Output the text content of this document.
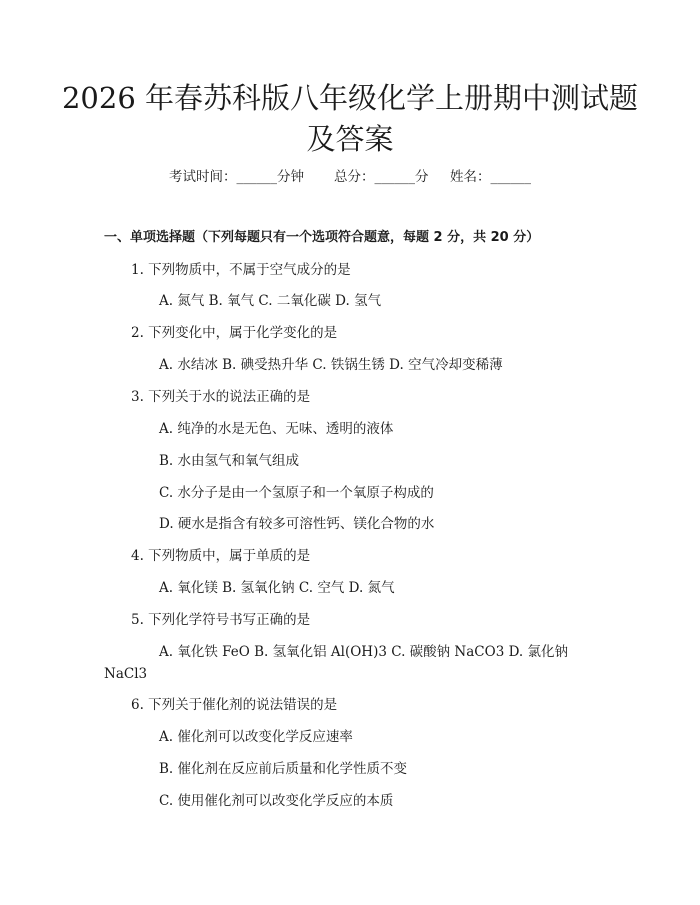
2026 年春苏科版八年级化学上册期中测试题
及答案
考试时间：______分钟 总分：______分 姓名：______
一、单项选择题（下列每题只有一个选项符合题意，每题 2 分，共 20 分）
1. 下列物质中，不属于空气成分的是
A. 氮气 B. 氧气 C. 二氧化碳 D. 氢气
2. 下列变化中，属于化学变化的是
A. 水结冰 B. 碘受热升华 C. 铁锅生锈 D. 空气冷却变稀薄
3. 下列关于水的说法正确的是
A. 纯净的水是无色、无味、透明的液体
B. 水由氢气和氧气组成
C. 水分子是由一个氢原子和一个氧原子构成的
D. 硬水是指含有较多可溶性钙、镁化合物的水
4. 下列物质中，属于单质的是
A. 氧化镁 B. 氢氧化钠 C. 空气 D. 氮气
5. 下列化学符号书写正确的是
A. 氧化铁 FeO B. 氢氧化铝 Al(OH)3 C. 碳酸钠 NaCO3 D. 氯化钠
NaCl3
6. 下列关于催化剂的说法错误的是
A. 催化剂可以改变化学反应速率
B. 催化剂在反应前后质量和化学性质不变
C. 使用催化剂可以改变化学反应的本质
